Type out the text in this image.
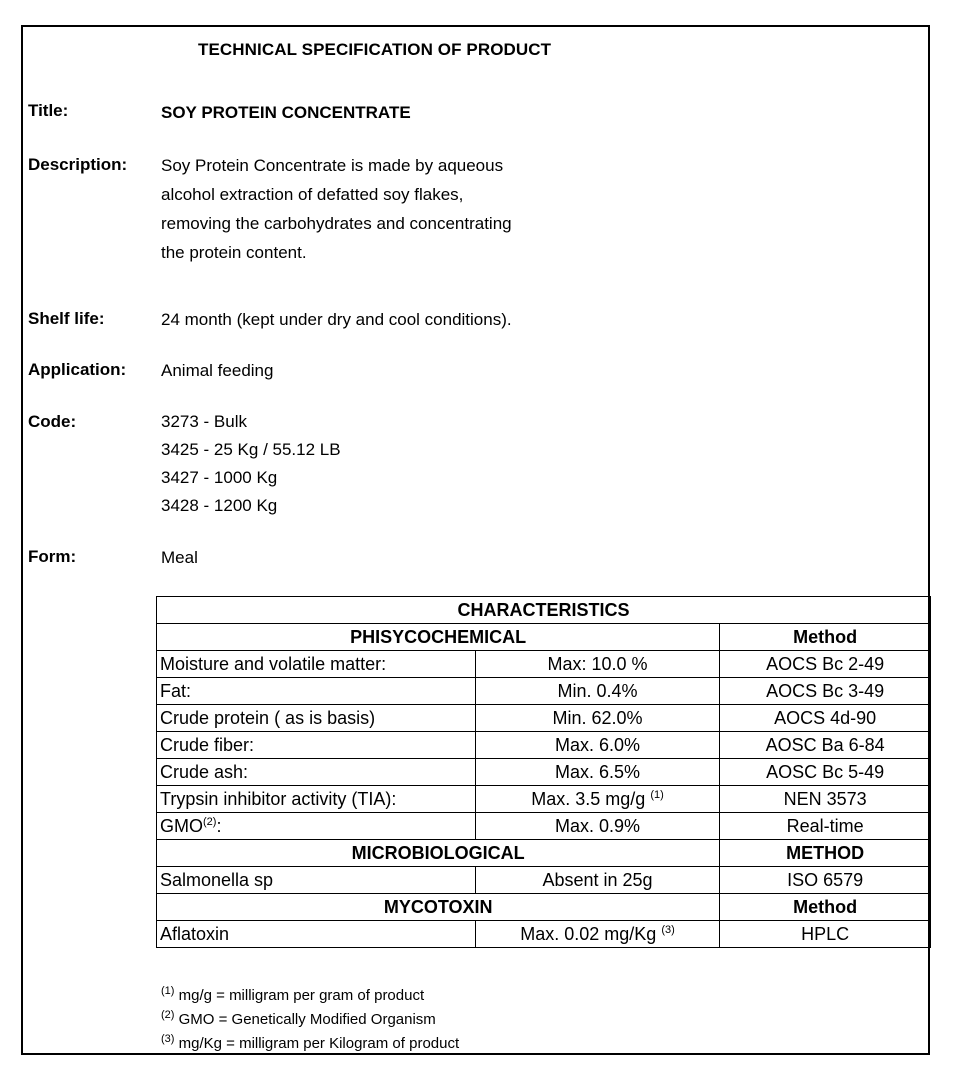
TECHNICAL SPECIFICATION OF PRODUCT
Title:	SOY PROTEIN CONCENTRATE
Description: Soy Protein Concentrate is made by aqueous
alcohol extraction of defatted soy flakes,
removing the carbohydrates and concentrating
the protein content.
Shelf life:	24 month (kept under dry and cool conditions).
Application: Animal feeding
Code:	3273 - Bulk
3425 - 25 Kg / 55.12 LB
3427 - 1000 Kg
3428 - 1200 Kg
Form:	Meal
CHARACTERISTICS		
PHISYCOCHEMICAL		Method
Moisture and volatile matter:	Max: 10.0 %	AOCS Bc 2-49
Fat:	Min. 0.4%	AOCS Bc 3-49
Crude protein ( as is basis)	Min. 62.0%	AOCS 4d-90
Crude fiber:	Max. 6.0%	AOSC Ba 6-84
Crude ash:	Max. 6.5%	AOSC Bc 5-49
Trypsin inhibitor activity (TIA):	Max. 3.5 mg/g $^{(1)}$	NEN 3573
GMO$^{(2)}$:	Max. 0.9%	Real-time
MICROBIOLOGICAL		METHOD
Salmonella sp	Absent in 25g	ISO 6579
MYCOTOXIN		Method
Aflatoxin	Max. 0.02 mg/Kg $^{(3)}$	HPLC
$^{(1)}$ mg/g = milligram per gram of product
$^{(2)}$ GMO = Genetically Modified Organism
$^{(3)}$ mg/Kg = milligram per Kilogram of product
